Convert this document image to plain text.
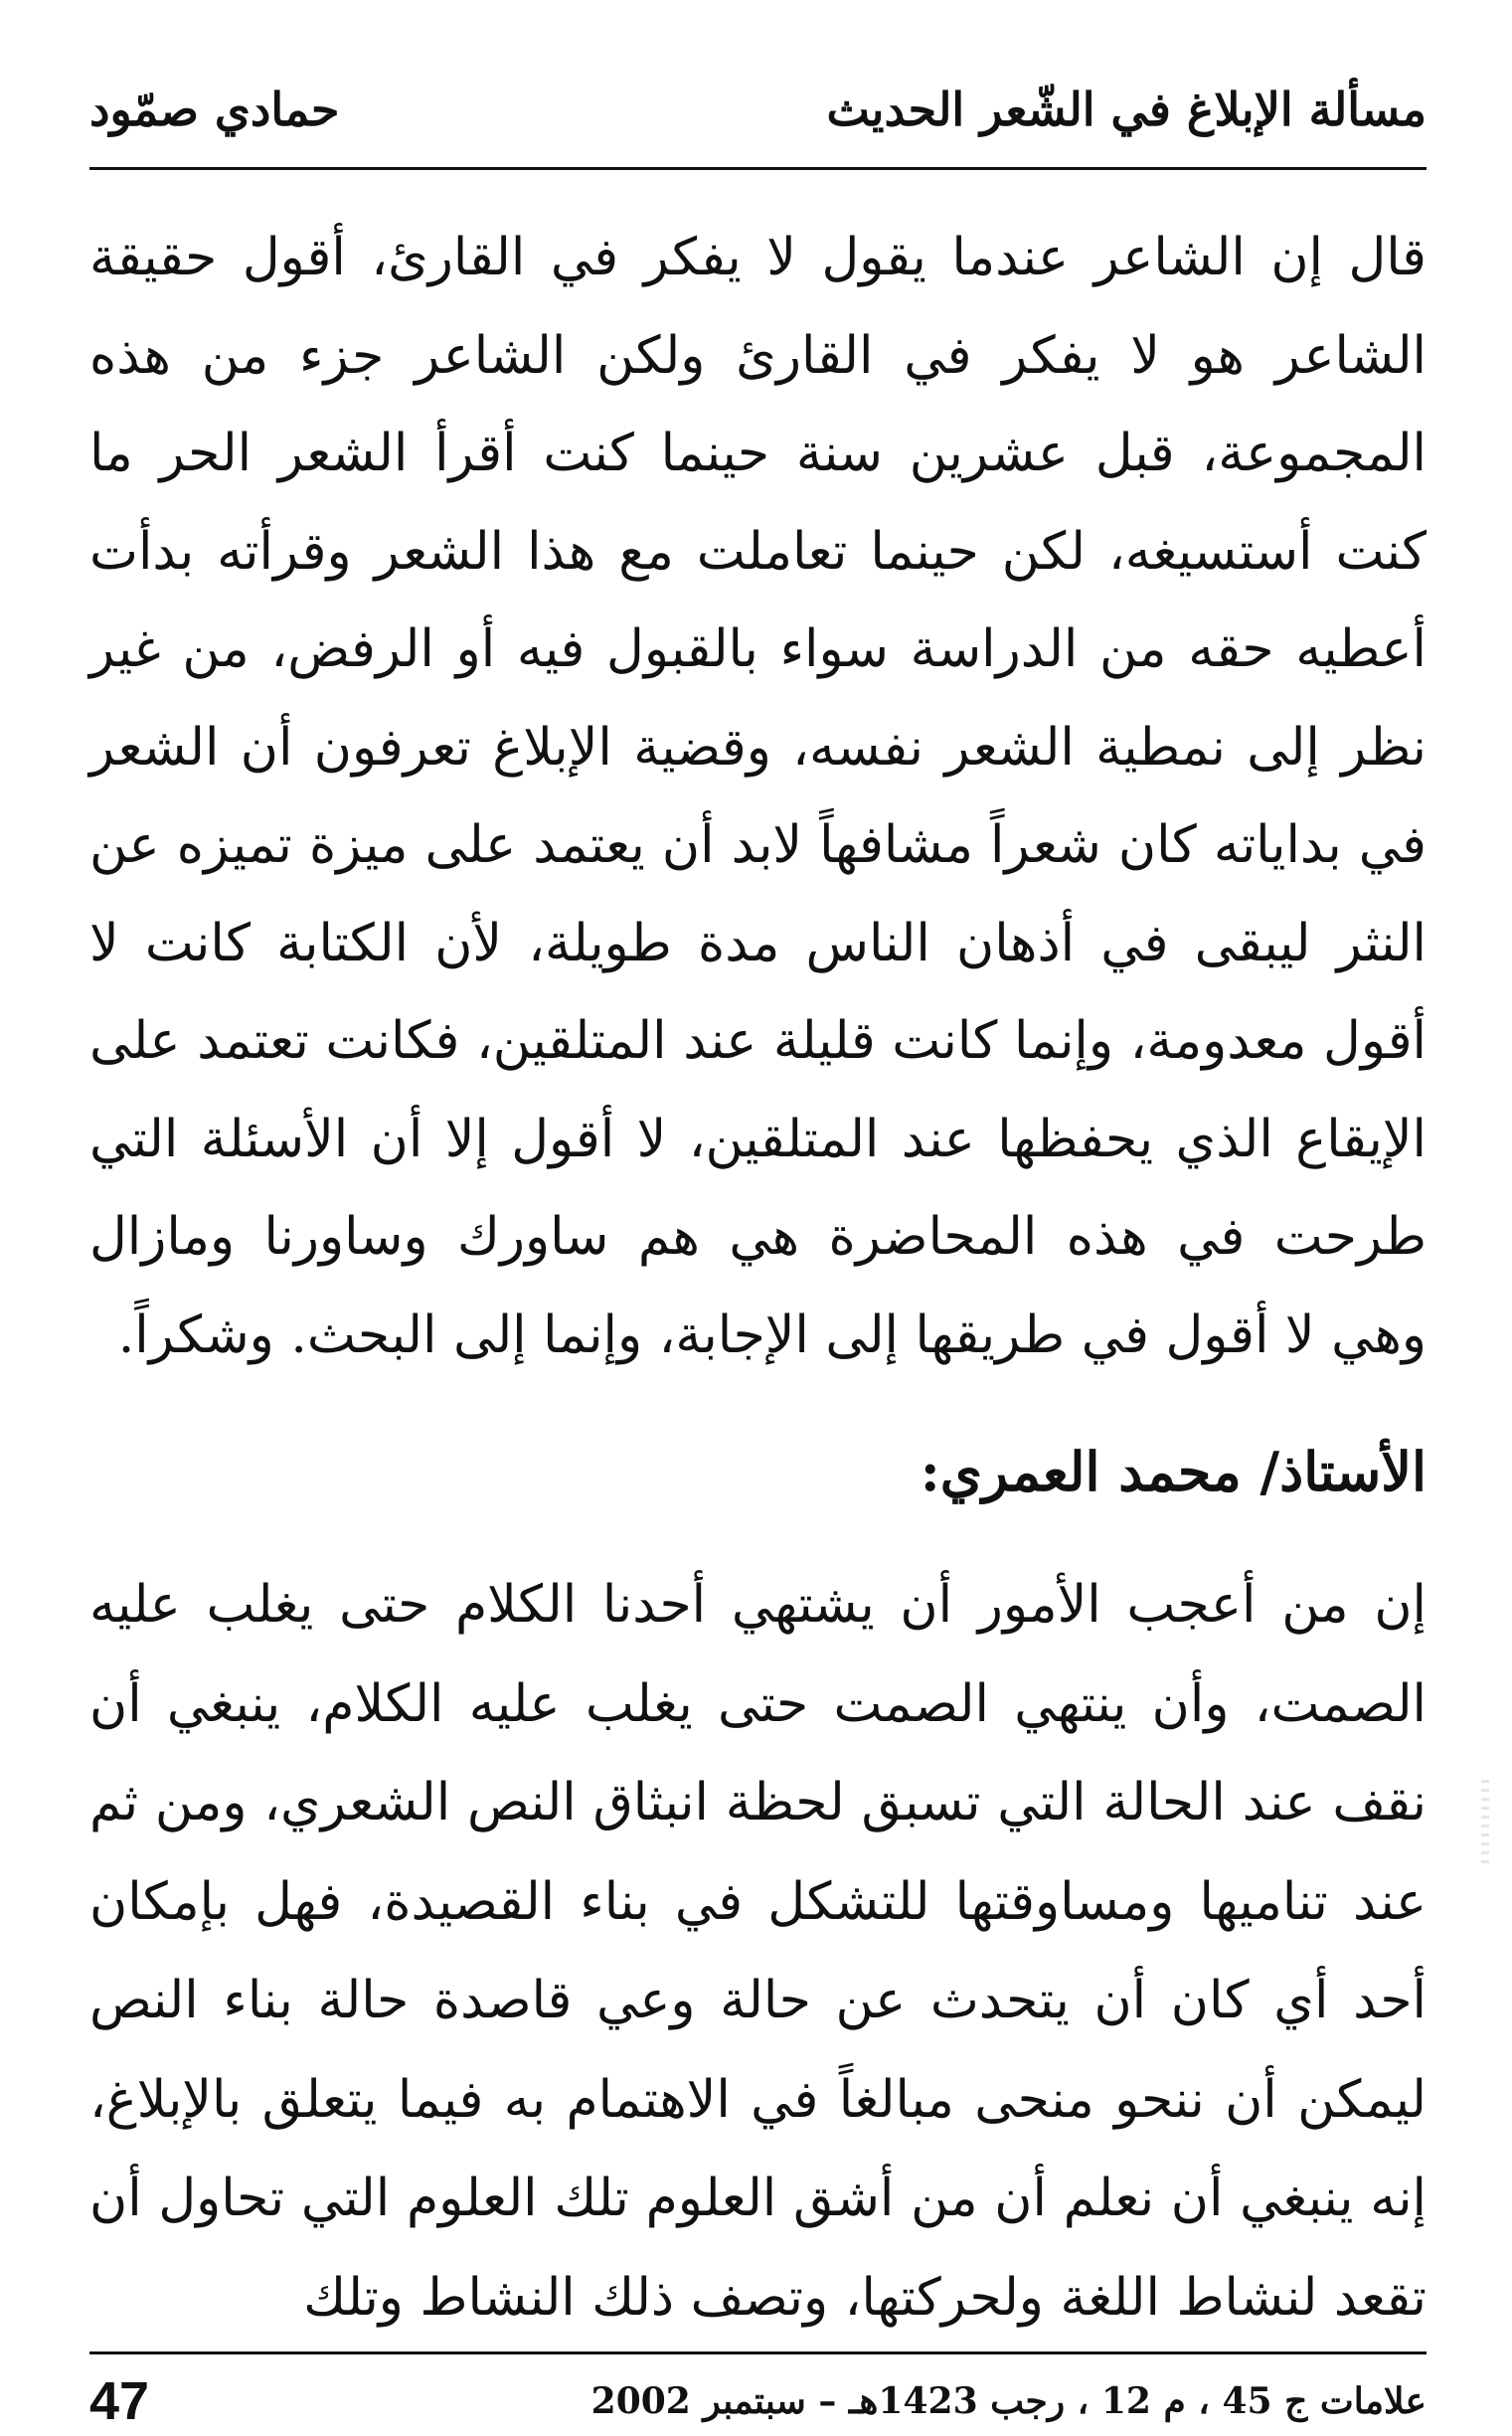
مسألة الإبلاغ في الشّعر الحديث
حمادي صمّود

قال إن الشاعر عندما يقول لا يفكر في القارئ، أقول حقيقة الشاعر هو لا يفكر في القارئ ولكن الشاعر جزء من هذه المجموعة، قبل عشرين سنة حينما كنت أقرأ الشعر الحر ما كنت أستسيغه، لكن حينما تعاملت مع هذا الشعر وقرأته بدأت أعطيه حقه من الدراسة سواء بالقبول فيه أو الرفض، من غير نظر إلى نمطية الشعر نفسه، وقضية الإبلاغ تعرفون أن الشعر في بداياته كان شعراً مشافهاً لابد أن يعتمد على ميزة تميزه عن النثر ليبقى في أذهان الناس مدة طويلة، لأن الكتابة كانت لا أقول معدومة، وإنما كانت قليلة عند المتلقين، فكانت تعتمد على الإيقاع الذي يحفظها عند المتلقين، لا أقول إلا أن الأسئلة التي طرحت في هذه المحاضرة هي هم ساورك وساورنا ومازال وهي لا أقول في طريقها إلى الإجابة، وإنما إلى البحث. وشكراً.

الأستاذ/ محمد العمري:

إن من أعجب الأمور أن يشتهي أحدنا الكلام حتى يغلب عليه الصمت، وأن ينتهي الصمت حتى يغلب عليه الكلام، ينبغي أن نقف عند الحالة التي تسبق لحظة انبثاق النص الشعري، ومن ثم عند تناميها ومساوقتها للتشكل في بناء القصيدة، فهل بإمكان أحد أي كان أن يتحدث عن حالة وعي قاصدة حالة بناء النص ليمكن أن ننحو منحى مبالغاً في الاهتمام به فيما يتعلق بالإبلاغ، إنه ينبغي أن نعلم أن من أشق العلوم تلك العلوم التي تحاول أن تقعد لنشاط اللغة ولحركتها، وتصف ذلك النشاط وتلك

علامات ج 45 ، م 12 ، رجب 1423هـ – سبتمبر 2002
47
